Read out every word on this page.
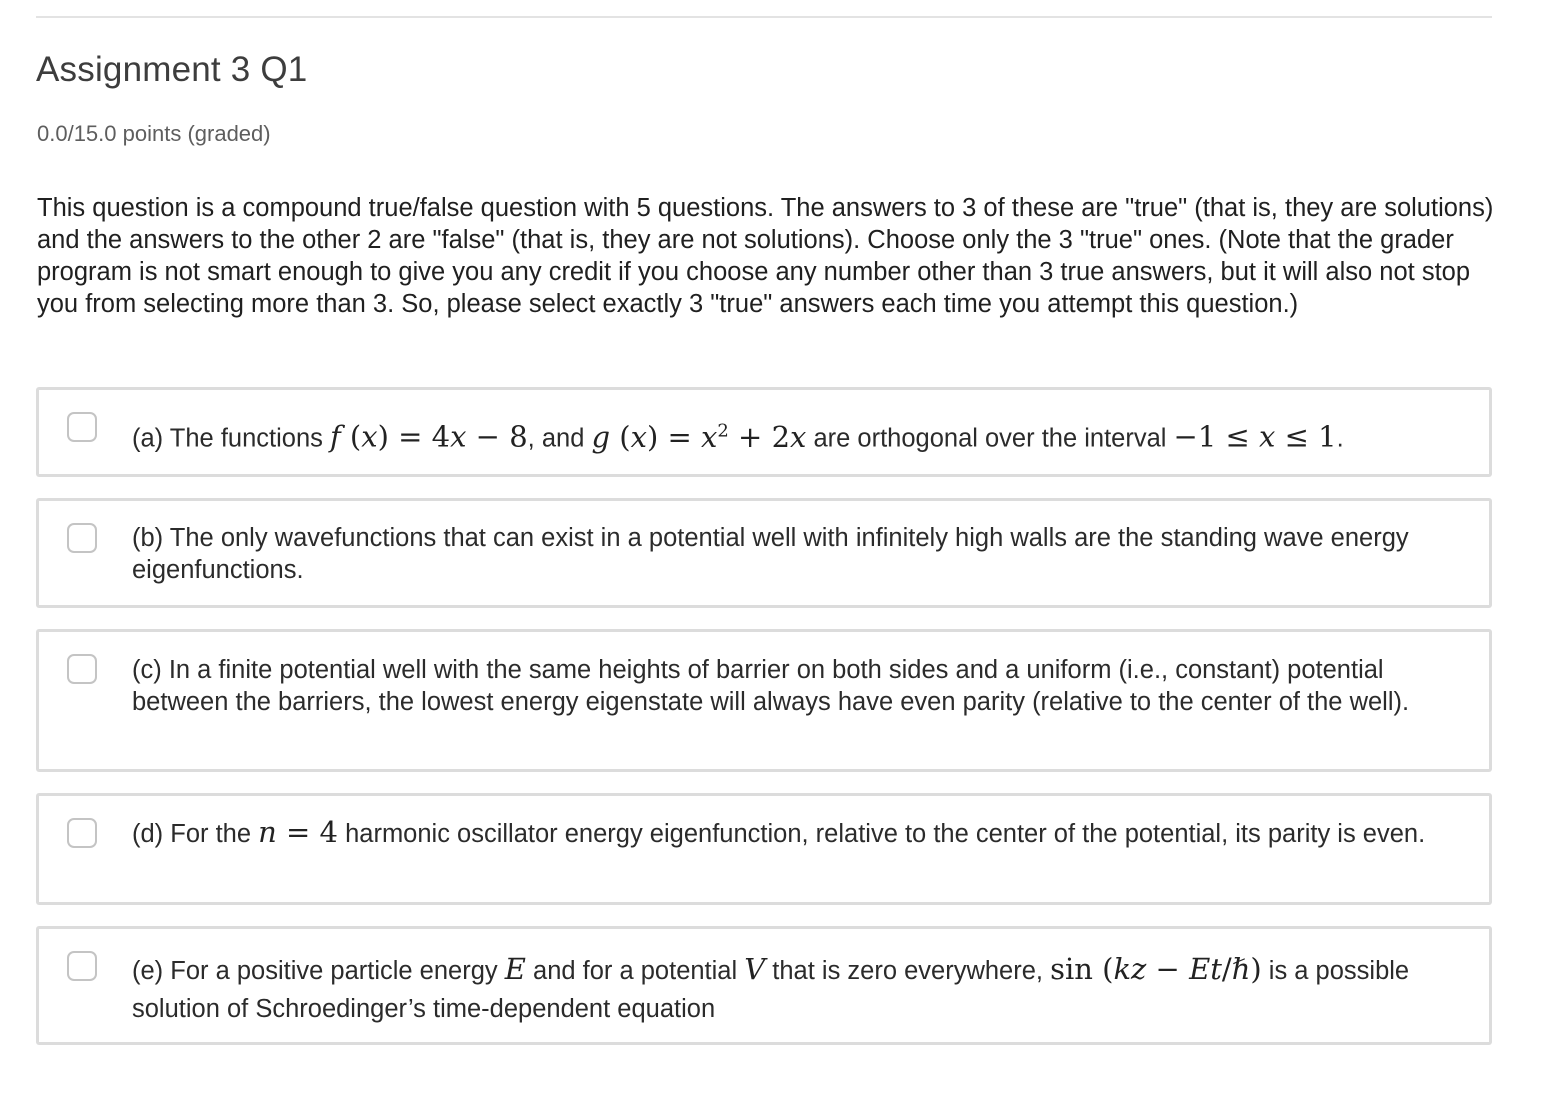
Assignment 3 Q1
0.0/15.0 points (graded)

This question is a compound true/false question with 5 questions. The answers to 3 of these are "true" (that is, they are solutions) and the answers to the other 2 are "false" (that is, they are not solutions). Choose only the 3 "true" ones. (Note that the grader program is not smart enough to give you any credit if you choose any number other than 3 true answers, but it will also not stop you from selecting more than 3. So, please select exactly 3 "true" answers each time you attempt this question.)

(a) The functions f (x) = 4x − 8, and g $(x) = x^2 + 2x$ are orthogonal over the interval −1 ≤ x ≤ 1.
(b) The only wavefunctions that can exist in a potential well with infinitely high walls are the standing wave energy eigenfunctions.
(c) In a finite potential well with the same heights of barrier on both sides and a uniform (i.e., constant) potential between the barriers, the lowest energy eigenstate will always have even parity (relative to the center of the well).
(d) For the n = 4 harmonic oscillator energy eigenfunction, relative to the center of the potential, its parity is even.
(e) For a positive particle energy E and for a potential V that is zero everywhere, sin (kz − Et/ℏ) is a possible solution of Schroedinger’s time-dependent equation
